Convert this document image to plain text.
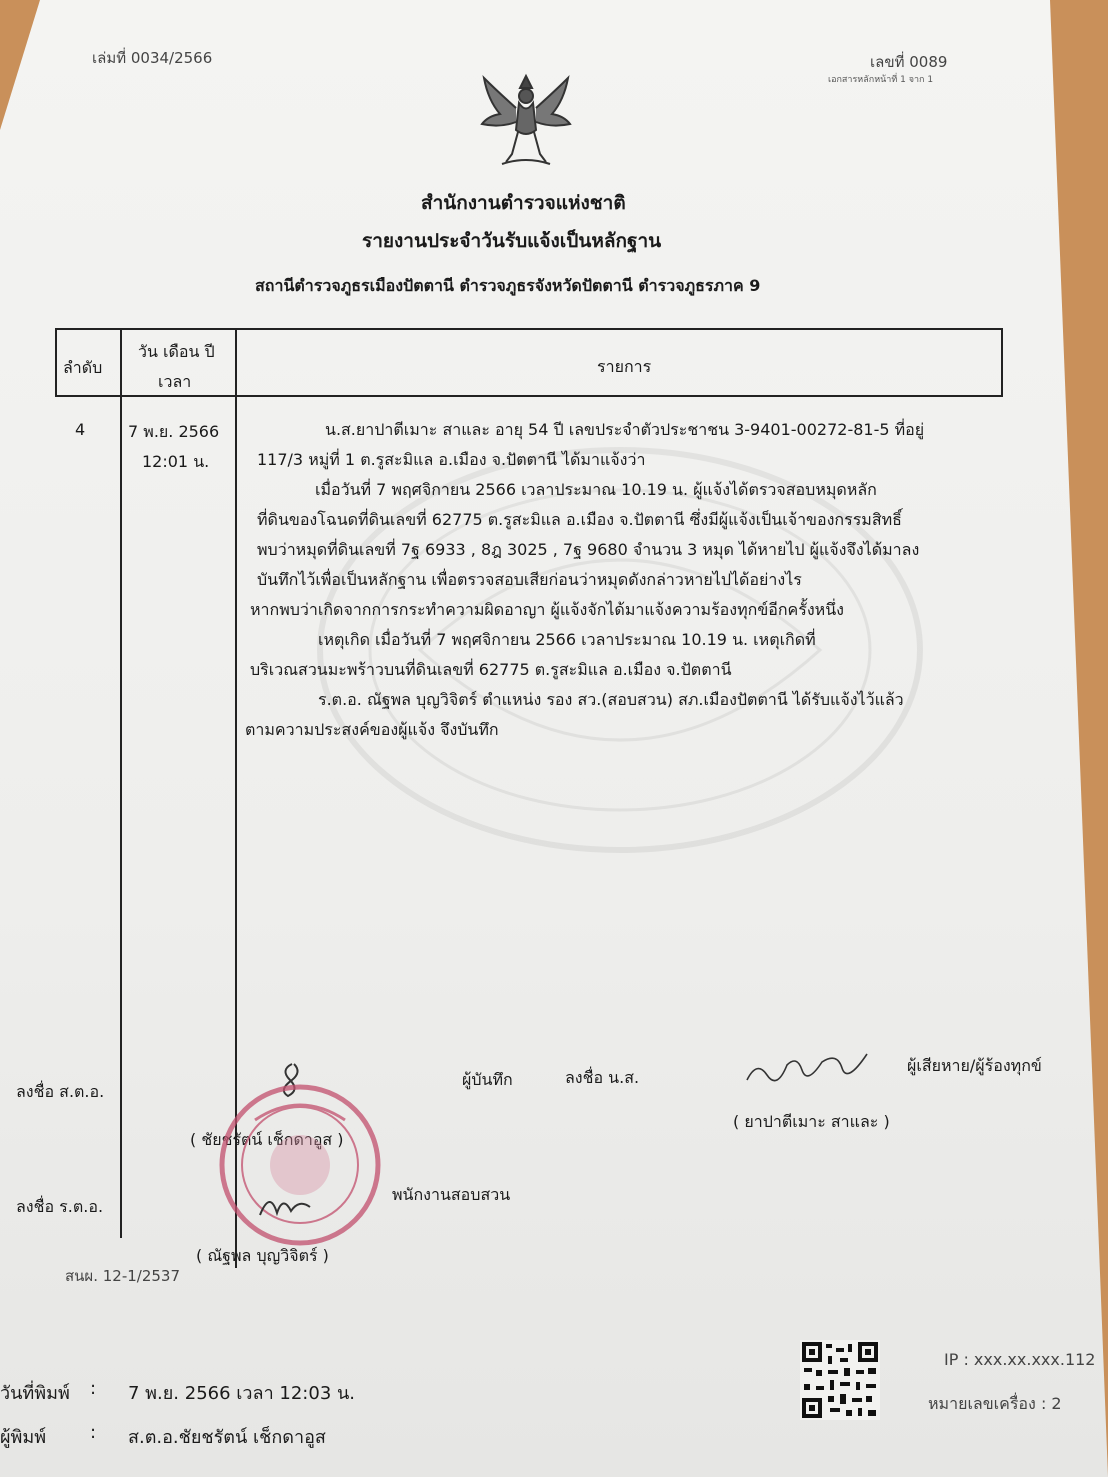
เล่มที่ 0034/2566	เลขที่ 0089
เอกสารหลักหน้าที่ 1 จาก 1
สำนักงานตำรวจแห่งชาติ
รายงานประจำวันรับแจ้งเป็นหลักฐาน
สถานีตำรวจภูธรเมืองปัตตานี ตำรวจภูธรจังหวัดปัตตานี ตำรวจภูธรภาค 9
ลำดับ
วัน เดือน ปี
เวลา
รายการ
4	7 พ.ย. 2566
12:01 น.
น.ส.ยาปาตีเมาะ สาและ อายุ 54 ปี เลขประจำตัวประชาชน 3-9401-00272-81-5 ที่อยู่
117/3 หมู่ที่ 1 ต.รูสะมิแล อ.เมือง จ.ปัตตานี ได้มาแจ้งว่า
เมื่อวันที่ 7 พฤศจิกายน 2566 เวลาประมาณ 10.19 น. ผู้แจ้งได้ตรวจสอบหมุดหลัก
ที่ดินของโฉนดที่ดินเลขที่ 62775 ต.รูสะมิแล อ.เมือง จ.ปัตตานี ซึ่งมีผู้แจ้งเป็นเจ้าของกรรมสิทธิ์
พบว่าหมุดที่ดินเลขที่ 7ฐ 6933 , 8ฎ 3025 , 7ฐ 9680 จำนวน 3 หมุด ได้หายไป ผู้แจ้งจึงได้มาลง
บันทึกไว้เพื่อเป็นหลักฐาน เพื่อตรวจสอบเสียก่อนว่าหมุดดังกล่าวหายไปได้อย่างไร
หากพบว่าเกิดจากการกระทำความผิดอาญา ผู้แจ้งจักได้มาแจ้งความร้องทุกข์อีกครั้งหนึ่ง
เหตุเกิด เมื่อวันที่ 7 พฤศจิกายน 2566 เวลาประมาณ 10.19 น. เหตุเกิดที่
บริเวณสวนมะพร้าวบนที่ดินเลขที่ 62775 ต.รูสะมิแล อ.เมือง จ.ปัตตานี
ร.ต.อ. ณัฐพล บุญวิจิตร์ ตำแหน่ง รอง สว.(สอบสวน) สภ.เมืองปัตตานี ได้รับแจ้งไว้แล้ว
ตามความประสงค์ของผู้แจ้ง จึงบันทึก
ลงชื่อ ส.ต.อ.
ผู้บันทึก
( ชัยชรัตน์ เช็กดาอูส )
ลงชื่อ น.ส.
ผู้เสียหาย/ผู้ร้องทุกข์
( ยาปาตีเมาะ สาและ )
ลงชื่อ ร.ต.อ.
พนักงานสอบสวน
( ณัฐพล บุญวิจิตร์ )
สนผ. 12-1/2537
วันที่พิมพ์ : 7 พ.ย. 2566 เวลา 12:03 น.
ผู้พิมพ์ : ส.ต.อ.ชัยชรัตน์ เช็กดาอูส
IP : xxx.xx.xxx.112
หมายเลขเครื่อง : 2
